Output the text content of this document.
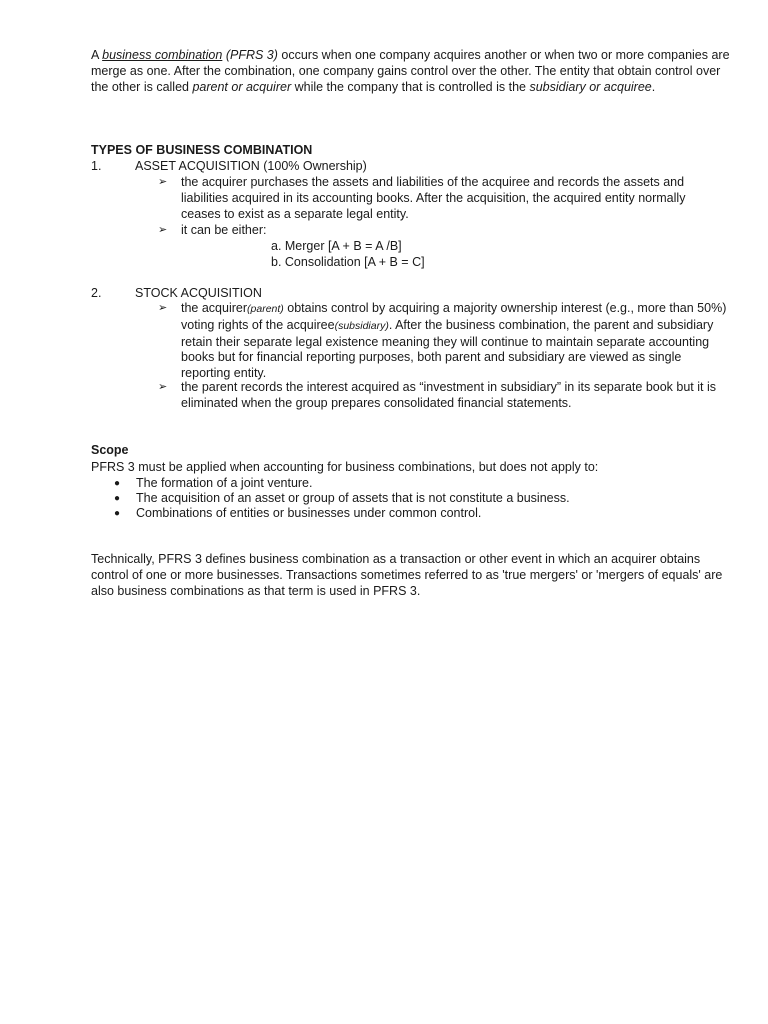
A business combination (PFRS 3) occurs when one company acquires another or when two or more companies are merge as one. After the combination, one company gains control over the other. The entity that obtain control over the other is called parent or acquirer while the company that is controlled is the subsidiary or acquiree.

TYPES OF BUSINESS COMBINATION

1.	ASSET ACQUISITION (100% Ownership)
➢ the acquirer purchases the assets and liabilities of the acquiree and records the assets and liabilities acquired in its accounting books. After the acquisition, the acquired entity normally ceases to exist as a separate legal entity.
➢ it can be either:
a. Merger [A + B = A /B]
b. Consolidation [A + B = C]
2.	STOCK ACQUISITION
➢ the acquirer(parent) obtains control by acquiring a majority ownership interest (e.g., more than 50%) voting rights of the acquiree(subsidiary). After the business combination, the parent and subsidiary retain their separate legal existence meaning they will continue to maintain separate accounting books but for financial reporting purposes, both parent and subsidiary are viewed as single reporting entity.
➢ the parent records the interest acquired as “investment in subsidiary” in its separate book but it is eliminated when the group prepares consolidated financial statements.

Scope

PFRS 3 must be applied when accounting for business combinations, but does not apply to:

● The formation of a joint venture.
● The acquisition of an asset or group of assets that is not constitute a business.
● Combinations of entities or businesses under common control.

Technically, PFRS 3 defines business combination as a transaction or other event in which an acquirer obtains control of one or more businesses. Transactions sometimes referred to as 'true mergers' or 'mergers of equals' are also business combinations as that term is used in PFRS 3.
